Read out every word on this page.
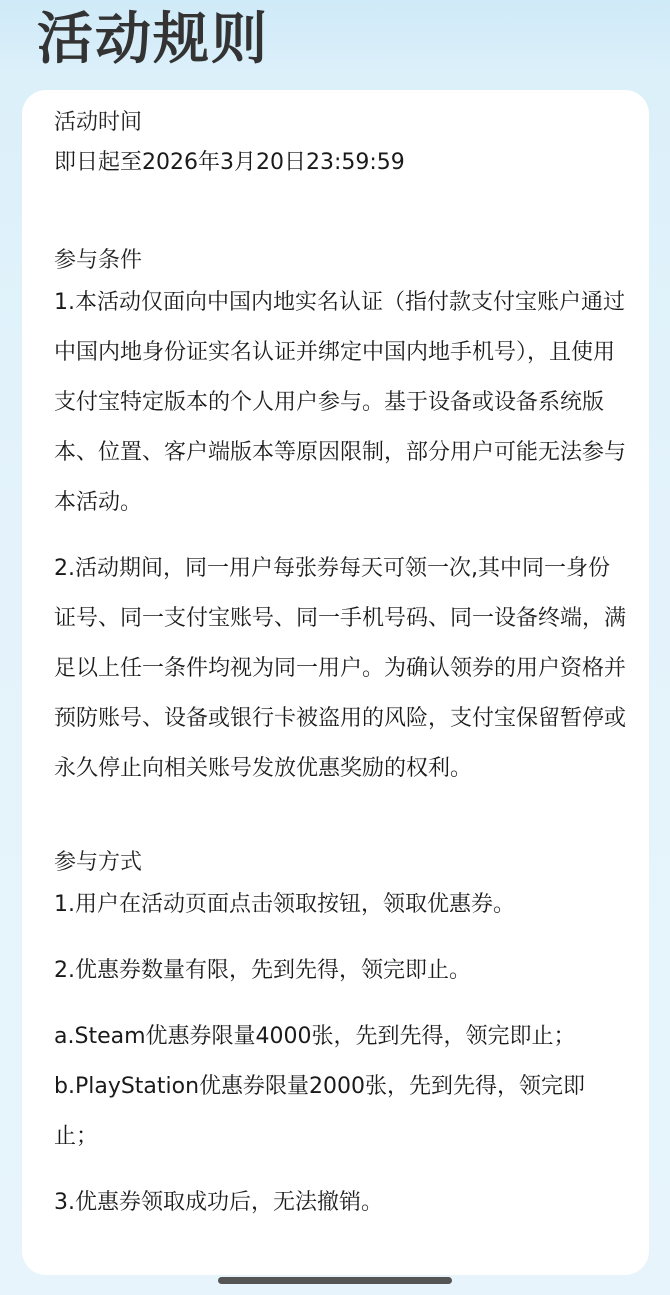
活动规则
活动时间

即日起至2026年3月20日23:59:59

参与条件

1.本活动仅面向中国内地实名认证（指付款支付宝账户通过中国内地身份证实名认证并绑定中国内地手机号），且使用支付宝特定版本的个人用户参与。基于设备或设备系统版本、位置、客户端版本等原因限制，部分用户可能无法参与本活动。

2.活动期间，同一用户每张券每天可领一次,其中同一身份证号、同一支付宝账号、同一手机号码、同一设备终端，满足以上任一条件均视为同一用户。为确认领券的用户资格并预防账号、设备或银行卡被盗用的风险，支付宝保留暂停或永久停止向相关账号发放优惠奖励的权利。

参与方式

1.用户在活动页面点击领取按钮，领取优惠券。

2.优惠券数量有限，先到先得，领完即止。

a.Steam优惠券限量4000张，先到先得，领完即止；

b.PlayStation优惠券限量2000张，先到先得，领完即止；

3.优惠券领取成功后，无法撤销。
